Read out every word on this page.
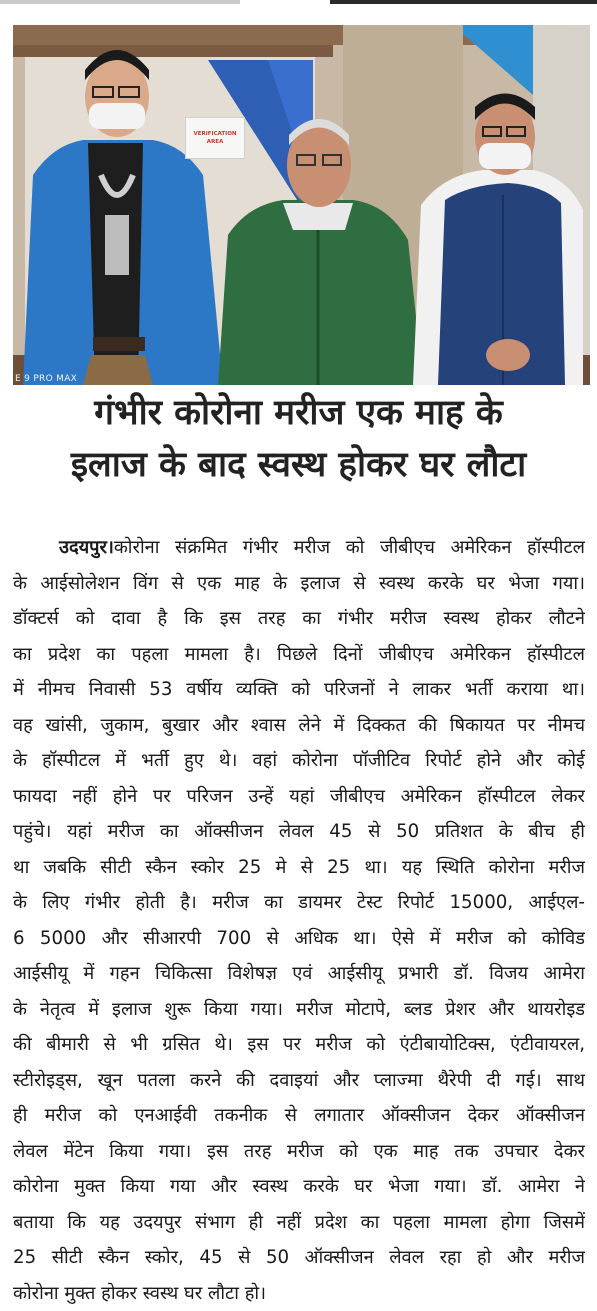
VERIFICATION
AREA
E 9 PRO MAX
गंभीर कोरोना मरीज एक माह के
इलाज के बाद स्वस्थ होकर घर लौटा
उदयपुर।कोरोना संक्रमित गंभीर मरीज को जीबीएच अमेरिकन हॉस्पीटल
के आईसोलेशन विंग से एक माह के इलाज से स्वस्थ करके घर भेजा गया।
डॉक्टर्स को दावा है कि इस तरह का गंभीर मरीज स्वस्थ होकर लौटने
का प्रदेश का पहला मामला है। पिछले दिनों जीबीएच अमेरिकन हॉस्पीटल
में नीमच निवासी 53 वर्षीय व्यक्ति को परिजनों ने लाकर भर्ती कराया था।
वह खांसी, जुकाम, बुखार और श्वास लेने में दिक्कत की षिकायत पर नीमच
के हॉस्पीटल में भर्ती हुए थे। वहां कोरोना पॉजीटिव रिपोर्ट होने और कोई
फायदा नहीं होने पर परिजन उन्हें यहां जीबीएच अमेरिकन हॉस्पीटल लेकर
पहुंचे। यहां मरीज का ऑक्सीजन लेवल 45 से 50 प्रतिशत के बीच ही
था जबकि सीटी स्कैन स्कोर 25 मे से 25 था। यह स्थिति कोरोना मरीज
के लिए गंभीर होती है। मरीज का डायमर टेस्ट रिपोर्ट 15000, आईएल-
6 5000 और सीआरपी 700 से अधिक था। ऐसे में मरीज को कोविड
आईसीयू में गहन चिकित्सा विशेषज्ञ एवं आईसीयू प्रभारी डॉ. विजय आमेरा
के नेतृत्व में इलाज शुरू किया गया। मरीज मोटापे, ब्लड प्रेशर और थायरोइड
की बीमारी से भी ग्रसित थे। इस पर मरीज को एंटीबायोटिक्स, एंटीवायरल,
स्टीरोइड्स, खून पतला करने की दवाइयां और प्लाज्मा थैरेपी दी गई। साथ
ही मरीज को एनआईवी तकनीक से लगातार ऑक्सीजन देकर ऑक्सीजन
लेवल मेंटेन किया गया। इस तरह मरीज को एक माह तक उपचार देकर
कोरोना मुक्त किया गया और स्वस्थ करके घर भेजा गया। डॉ. आमेरा ने
बताया कि यह उदयपुर संभाग ही नहीं प्रदेश का पहला मामला होगा जिसमें
25 सीटी स्कैन स्कोर, 45 से 50 ऑक्सीजन लेवल रहा हो और मरीज
कोरोना मुक्त होकर स्वस्थ घर लौटा हो।
